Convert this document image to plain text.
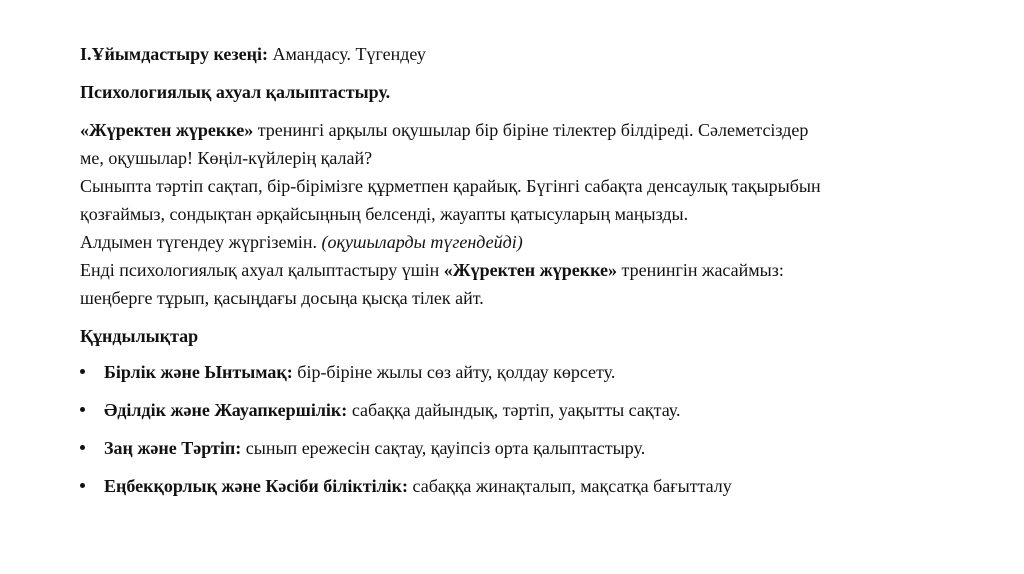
І.Ұйымдастыру кезеңі: Амандасу. Түгендеу

Психологиялық ахуал қалыптастыру.

«Жүректен жүрекке» тренингі арқылы оқушылар бір біріне тілектер білдіреді. Сәлеметсіздер
ме, оқушылар! Көңіл-күйлерің қалай?
Сыныпта тәртіп сақтап, бір-бірімізге құрметпен қарайық. Бүгінгі сабақта денсаулық тақырыбын
қозғаймыз, сондықтан әрқайсыңның белсенді, жауапты қатысуларың маңызды.
Алдымен түгендеу жүргіземін. (оқушыларды түгендейді)
Енді психологиялық ахуал қалыптастыру үшін «Жүректен жүрекке» тренингін жасаймыз:
шеңберге тұрып, қасыңдағы досыңа қысқа тілек айт.

Құндылықтар

Бірлік және Ынтымақ: бір-біріне жылы сөз айту, қолдау көрсету.
Әділдік және Жауапкершілік: сабаққа дайындық, тәртіп, уақытты сақтау.
Заң және Тәртіп: сынып ережесін сақтау, қауіпсіз орта қалыптастыру.
Еңбекқорлық және Кәсіби біліктілік: сабаққа жинақталып, мақсатқа бағытталу
